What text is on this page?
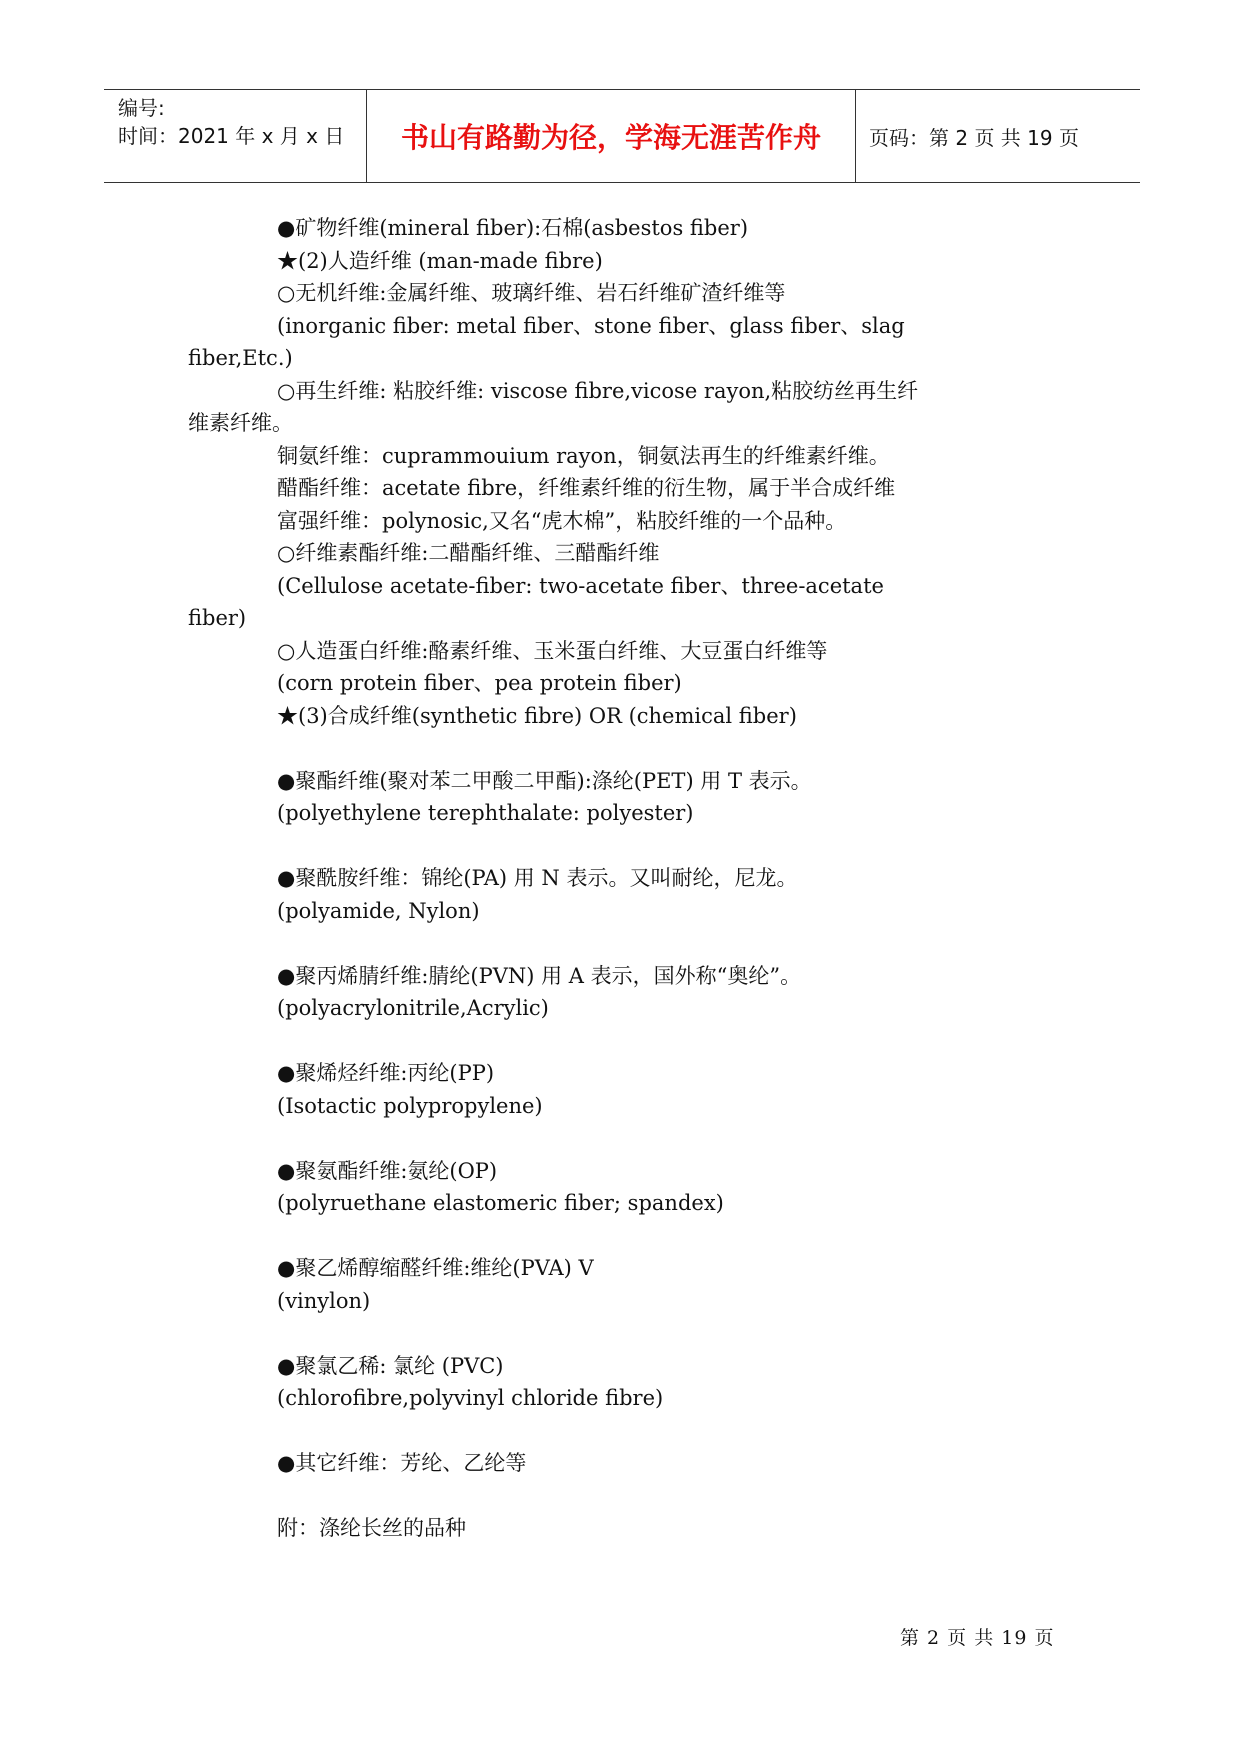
编号:
时间：2021 年 x 月 x 日	书山有路勤为径，学海无涯苦作舟	页码：第 2 页 共 19 页
●矿物纤维(mineral fiber):石棉(asbestos fiber)
★(2)人造纤维 (man-made fibre)
○无机纤维:金属纤维、玻璃纤维、岩石纤维矿渣纤维等
(inorganic fiber: metal fiber、stone fiber、glass fiber、slag
fiber,Etc.)
○再生纤维: 粘胶纤维: viscose fibre,vicose rayon,粘胶纺丝再生纤
维素纤维。
铜氨纤维：cuprammouium rayon，铜氨法再生的纤维素纤维。
醋酯纤维：acetate fibre，纤维素纤维的衍生物，属于半合成纤维
富强纤维：polynosic,又名“虎木棉”，粘胶纤维的一个品种。
○纤维素酯纤维:二醋酯纤维、三醋酯纤维
(Cellulose acetate-fiber: two-acetate fiber、three-acetate
fiber)
○人造蛋白纤维:酪素纤维、玉米蛋白纤维、大豆蛋白纤维等
(corn protein fiber、pea protein fiber)
★(3)合成纤维(synthetic fibre) OR (chemical fiber)
●聚酯纤维(聚对苯二甲酸二甲酯):涤纶(PET) 用 T 表示。
(polyethylene terephthalate: polyester)
●聚酰胺纤维：锦纶(PA) 用 N 表示。又叫耐纶，尼龙。
(polyamide, Nylon)
●聚丙烯腈纤维:腈纶(PVN) 用 A 表示，国外称“奥纶”。
(polyacrylonitrile,Acrylic)
●聚烯烃纤维:丙纶(PP)
(Isotactic polypropylene)
●聚氨酯纤维:氨纶(OP)
(polyruethane elastomeric fiber; spandex)
●聚乙烯醇缩醛纤维:维纶(PVA) V
(vinylon)
●聚氯乙稀: 氯纶 (PVC)
(chlorofibre,polyvinyl chloride fibre)
●其它纤维：芳纶、乙纶等
附：涤纶长丝的品种
第 2 页 共 19 页
